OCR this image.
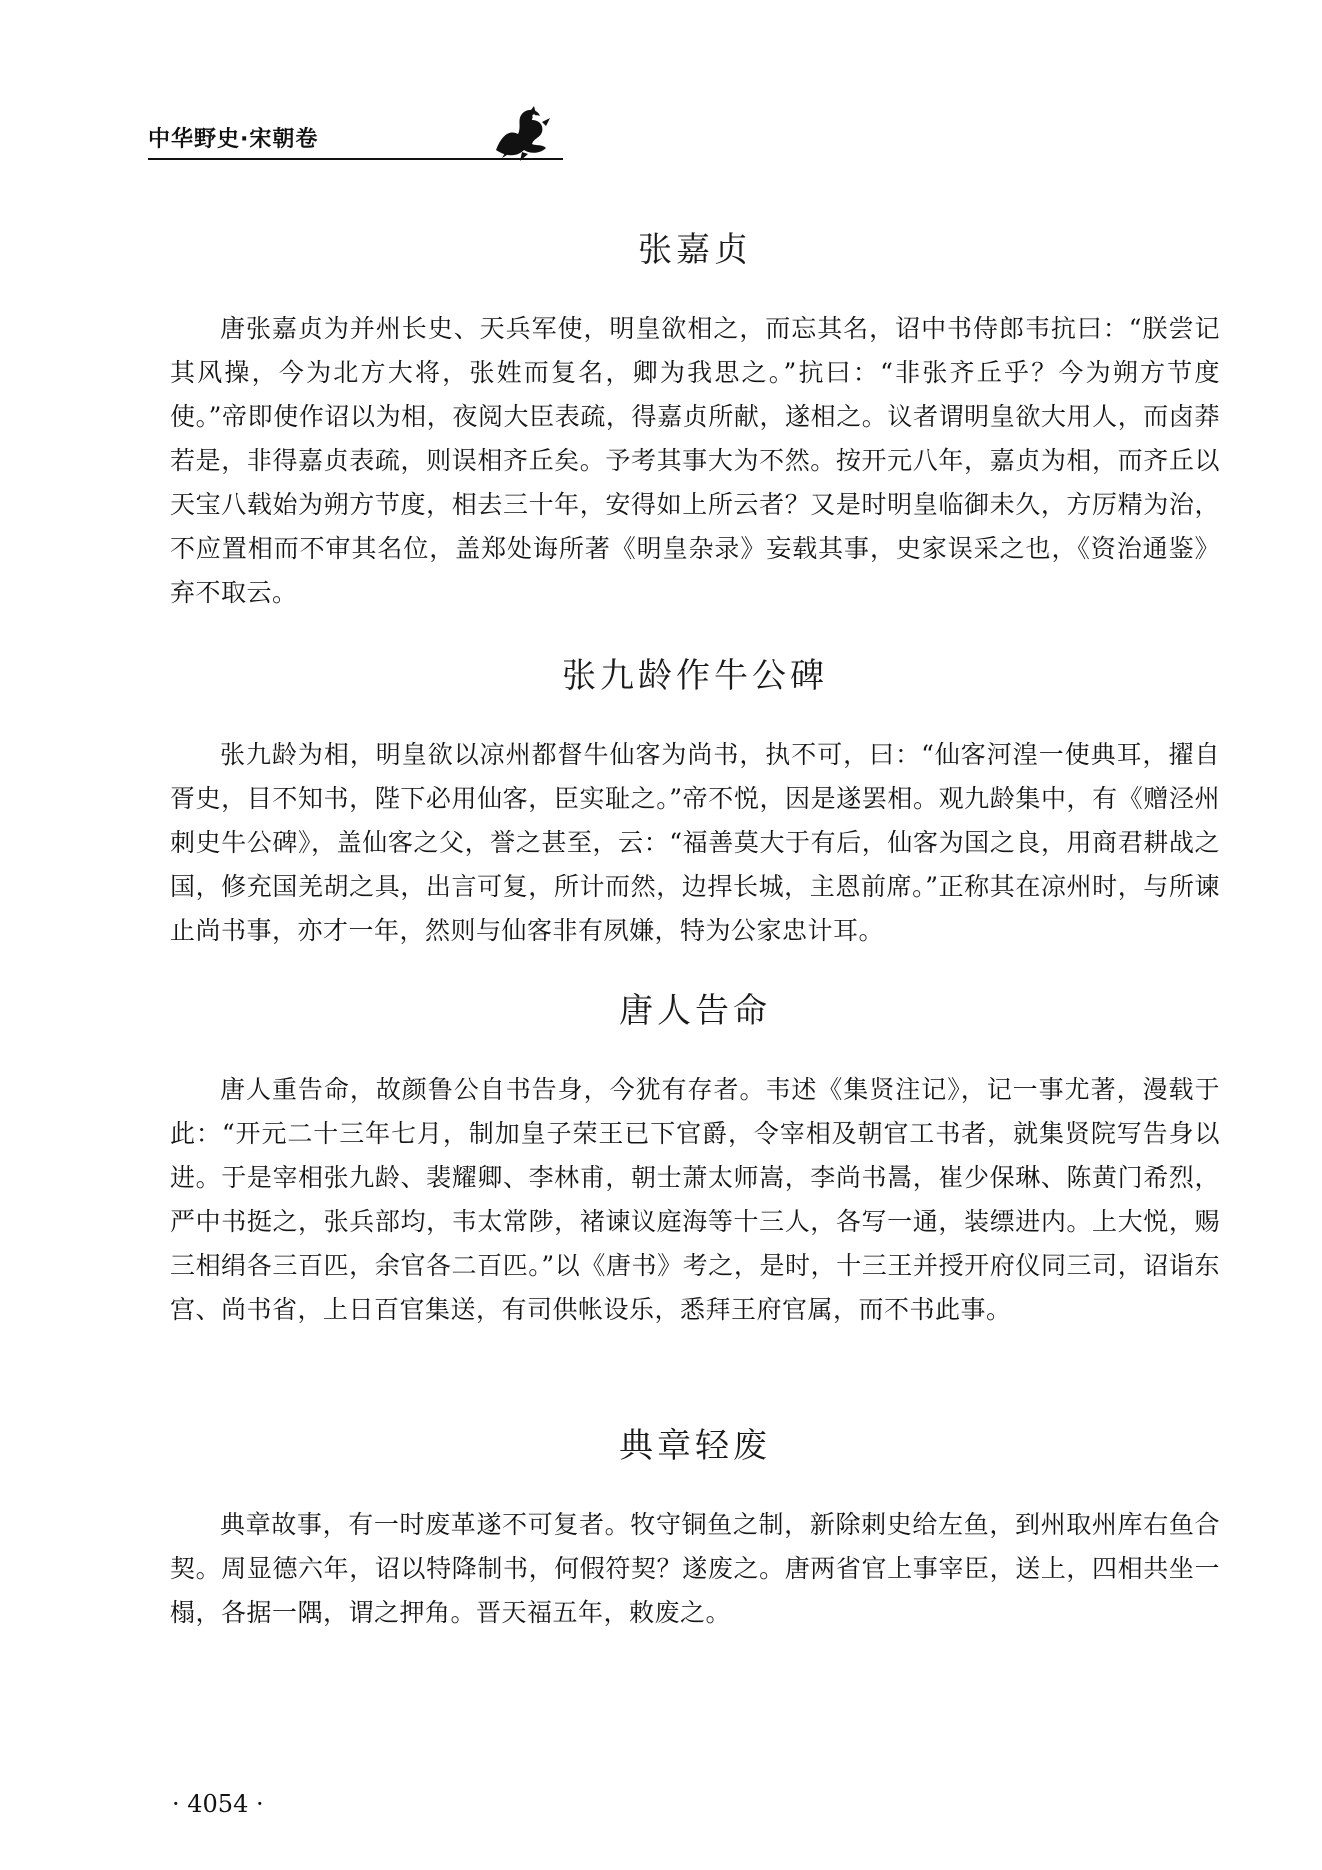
中华野史·宋朝卷
张嘉贞

唐张嘉贞为并州长史、天兵军使，明皇欲相之，而忘其名，诏中书侍郎韦抗曰：“朕尝记其风操，今为北方大将，张姓而复名，卿为我思之。”抗曰：“非张齐丘乎？今为朔方节度使。”帝即使作诏以为相，夜阅大臣表疏，得嘉贞所献，遂相之。议者谓明皇欲大用人，而卤莽若是，非得嘉贞表疏，则误相齐丘矣。予考其事大为不然。按开元八年，嘉贞为相，而齐丘以天宝八载始为朔方节度，相去三十年，安得如上所云者？又是时明皇临御未久，方厉精为治，不应置相而不审其名位，盖郑处诲所著《明皇杂录》妄载其事，史家误采之也，《资治通鉴》弃不取云。

张九龄作牛公碑

张九龄为相，明皇欲以凉州都督牛仙客为尚书，执不可，曰：“仙客河湟一使典耳，擢自胥史，目不知书，陛下必用仙客，臣实耻之。”帝不悦，因是遂罢相。观九龄集中，有《赠泾州刺史牛公碑》，盖仙客之父，誉之甚至，云：“福善莫大于有后，仙客为国之良，用商君耕战之国，修充国羌胡之具，出言可复，所计而然，边捍长城，主恩前席。”正称其在凉州时，与所谏止尚书事，亦才一年，然则与仙客非有夙嫌，特为公家忠计耳。

唐人告命

唐人重告命，故颜鲁公自书告身，今犹有存者。韦述《集贤注记》，记一事尤著，漫载于此：“开元二十三年七月，制加皇子荣王已下官爵，令宰相及朝官工书者，就集贤院写告身以进。于是宰相张九龄、裴耀卿、李林甫，朝士萧太师嵩，李尚书暠，崔少保琳、陈黄门希烈，严中书挺之，张兵部均，韦太常陟，褚谏议庭海等十三人，各写一通，装缥进内。上大悦，赐三相绢各三百匹，余官各二百匹。”以《唐书》考之，是时，十三王并授开府仪同三司，诏诣东宫、尚书省，上日百官集送，有司供帐设乐，悉拜王府官属，而不书此事。

典章轻废

典章故事，有一时废革遂不可复者。牧守铜鱼之制，新除刺史给左鱼，到州取州库右鱼合契。周显德六年，诏以特降制书，何假符契？遂废之。唐两省官上事宰臣，送上，四相共坐一榻，各据一隅，谓之押角。晋天福五年，敕废之。

· 4054 ·
